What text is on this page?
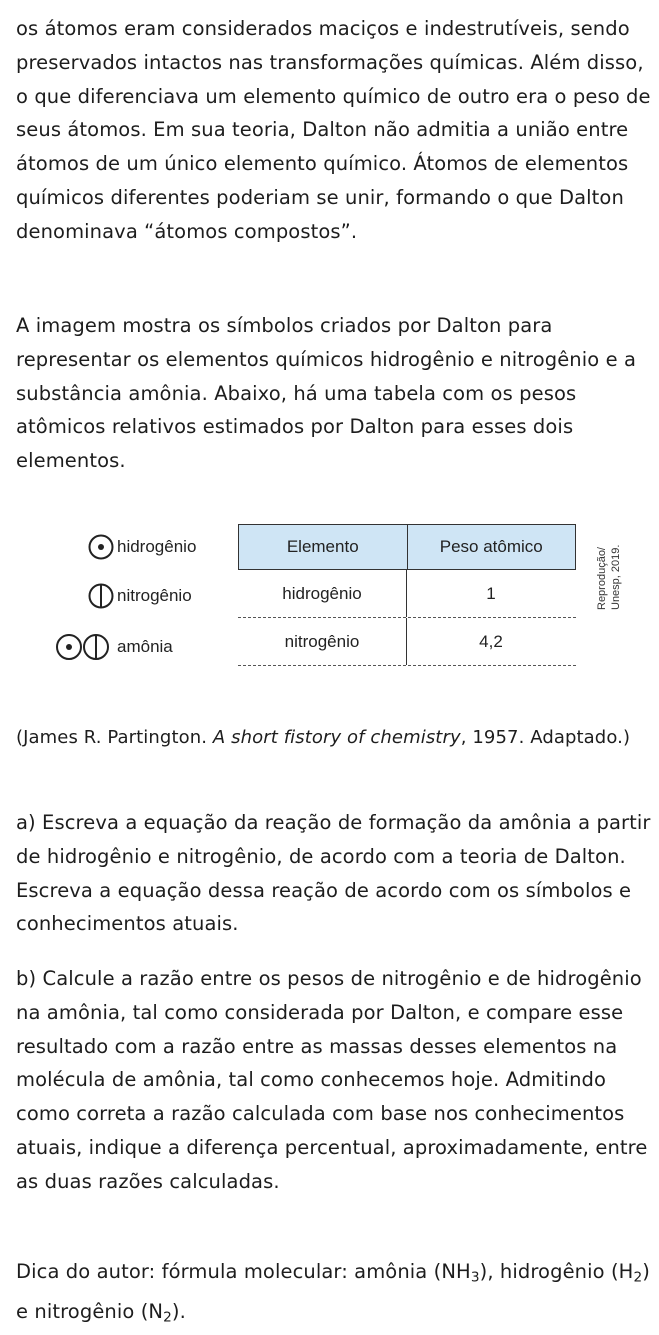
os átomos eram considerados maciços e indestrutíveis, sendo preservados intactos nas transformações químicas. Além disso, o que diferenciava um elemento químico de outro era o peso de seus átomos. Em sua teoria, Dalton não admitia a união entre átomos de um único elemento químico. Átomos de elementos químicos diferentes poderiam se unir, formando o que Dalton denominava “átomos compostos”.

A imagem mostra os símbolos criados por Dalton para representar os elementos químicos hidrogênio e nitrogênio e a substância amônia. Abaixo, há uma tabela com os pesos atômicos relativos estimados por Dalton para esses dois elementos.

hidrogênio
nitrogênio
amônia
Elemento	Peso atômico
hidrogênio	1
nitrogênio	4,2
Reprodução/ Unesp, 2019.

(James R. Partington. A short fistory of chemistry, 1957. Adaptado.)

a) Escreva a equação da reação de formação da amônia a partir de hidrogênio e nitrogênio, de acordo com a teoria de Dalton. Escreva a equação dessa reação de acordo com os símbolos e conhecimentos atuais.

b) Calcule a razão entre os pesos de nitrogênio e de hidrogênio na amônia, tal como considerada por Dalton, e compare esse resultado com a razão entre as massas desses elementos na molécula de amônia, tal como conhecemos hoje. Admitindo como correta a razão calculada com base nos conhecimentos atuais, indique a diferença percentual, aproximadamente, entre as duas razões calculadas.

Dica do autor: fórmula molecular: amônia $(NH_3)$, hidrogênio $(H_2)$ e nitrogênio $(N_2)$.
